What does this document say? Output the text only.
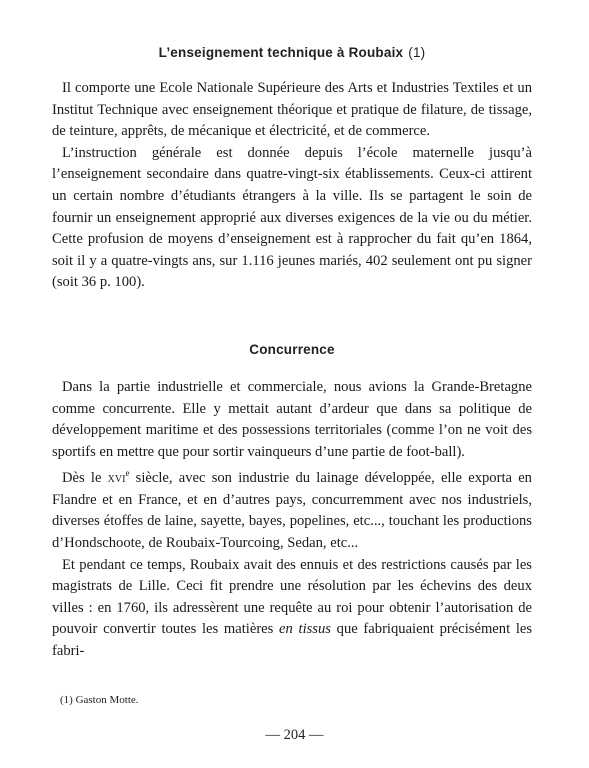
L’enseignement technique à Roubaix (1)

Il comporte une Ecole Nationale Supérieure des Arts et Industries Textiles et un Institut Technique avec enseignement théorique et pratique de filature, de tissage, de teinture, apprêts, de mécanique et électricité, et de commerce.

L’instruction générale est donnée depuis l’école maternelle jusqu’à l’enseignement secondaire dans quatre-vingt-six établissements. Ceux-ci attirent un certain nombre d’étudiants étrangers à la ville. Ils se partagent le soin de fournir un enseignement approprié aux diverses exigences de la vie ou du métier. Cette profusion de moyens d’enseignement est à rapprocher du fait qu’en 1864, soit il y a quatre-vingts ans, sur 1.116 jeunes mariés, 402 seulement ont pu signer (soit 36 p. 100).

Concurrence

Dans la partie industrielle et commerciale, nous avions la Grande-Bretagne comme concurrente. Elle y mettait autant d’ardeur que dans sa politique de développement maritime et des possessions territoriales (comme l’on ne voit des sportifs en mettre que pour sortir vainqueurs d’une partie de foot-ball).

Dès le xvi$^e$ siècle, avec son industrie du lainage développée, elle exporta en Flandre et en France, et en d’autres pays, concurremment avec nos industriels, diverses étoffes de laine, sayette, bayes, popelines, etc..., touchant les productions d’Hondschoote, de Roubaix-Tourcoing, Sedan, etc...

Et pendant ce temps, Roubaix avait des ennuis et des restrictions causés par les magistrats de Lille. Ceci fit prendre une résolution par les échevins des deux villes : en 1760, ils adressèrent une requête au roi pour obtenir l’autorisation de pouvoir convertir toutes les matières en tissus que fabriquaient précisément les fabri-

(1) Gaston Motte.
— 204 —
